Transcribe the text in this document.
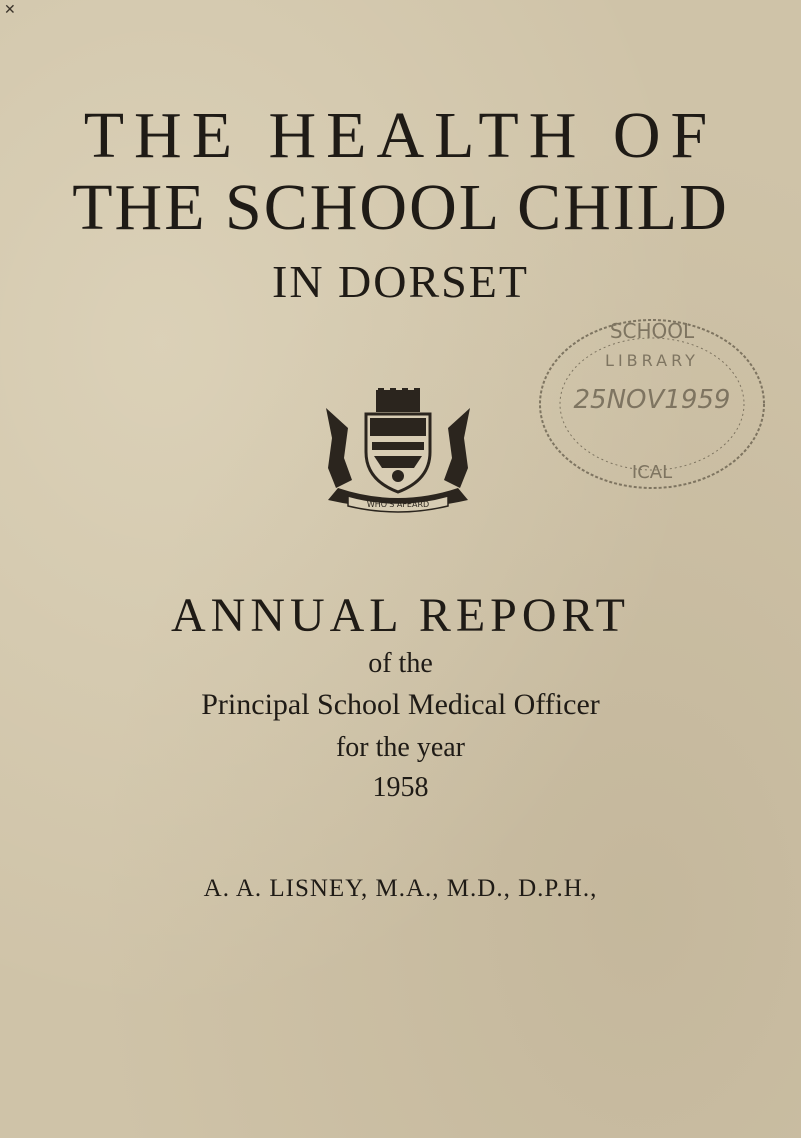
✕
THE HEALTH OF
THE SCHOOL CHILD
IN DORSET
WHO'S AFEARD
SCHOOL
LIBRARY
25NOV1959
ICAL
ANNUAL REPORT
of the
Principal School Medical Officer
for the year
1958
A. A. LISNEY, M.A., M.D., D.P.H.,
